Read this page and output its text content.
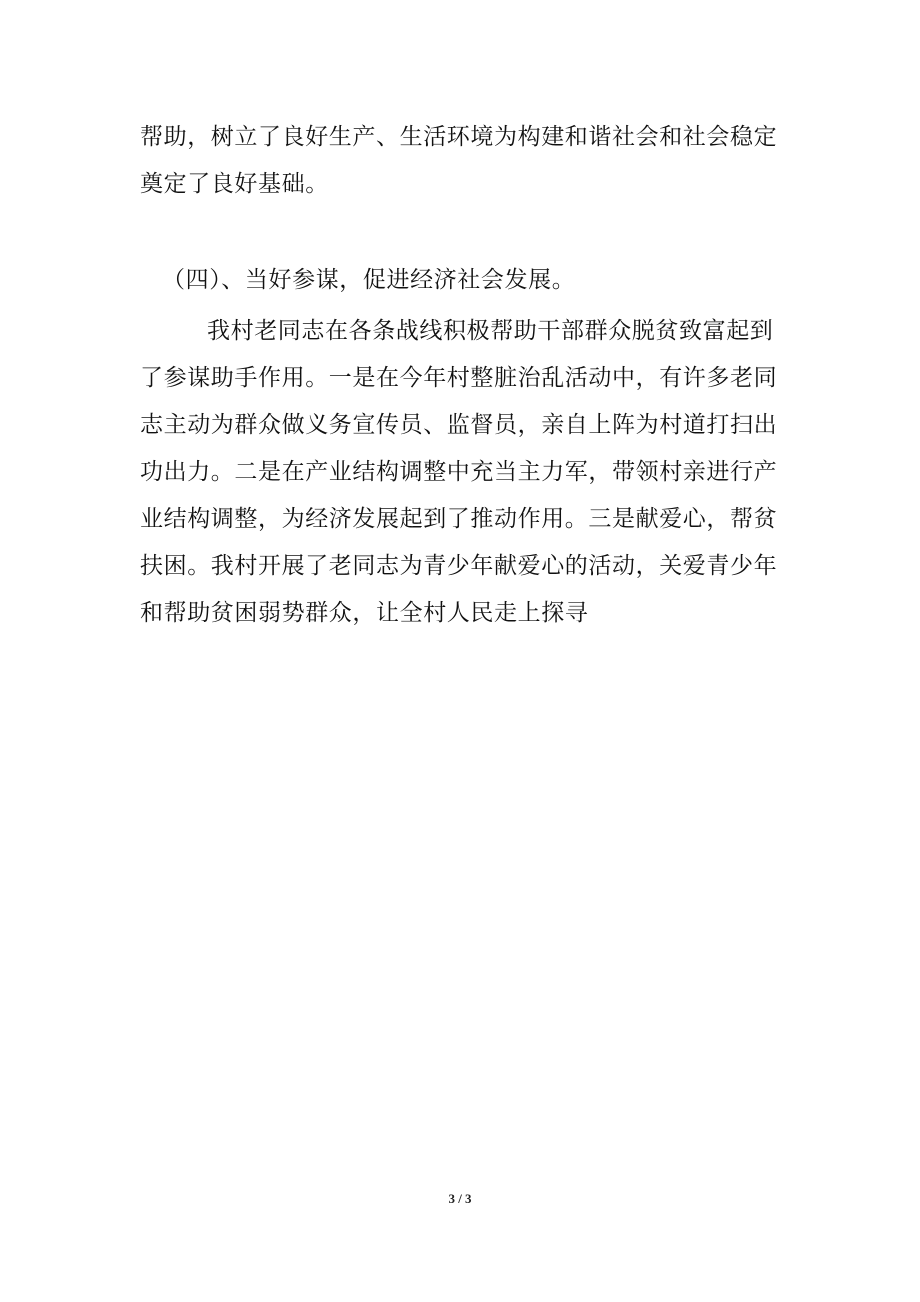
帮助，树立了良好生产、生活环境为构建和谐社会和社会稳定奠定了良好基础。

（四）、当好参谋，促进经济社会发展。

我村老同志在各条战线积极帮助干部群众脱贫致富起到了参谋助手作用。一是在今年村整脏治乱活动中，有许多老同志主动为群众做义务宣传员、监督员，亲自上阵为村道打扫出功出力。二是在产业结构调整中充当主力军，带领村亲进行产业结构调整，为经济发展起到了推动作用。三是献爱心，帮贫扶困。我村开展了老同志为青少年献爱心的活动，关爱青少年和帮助贫困弱势群众，让全村人民走上探寻

3 / 3
